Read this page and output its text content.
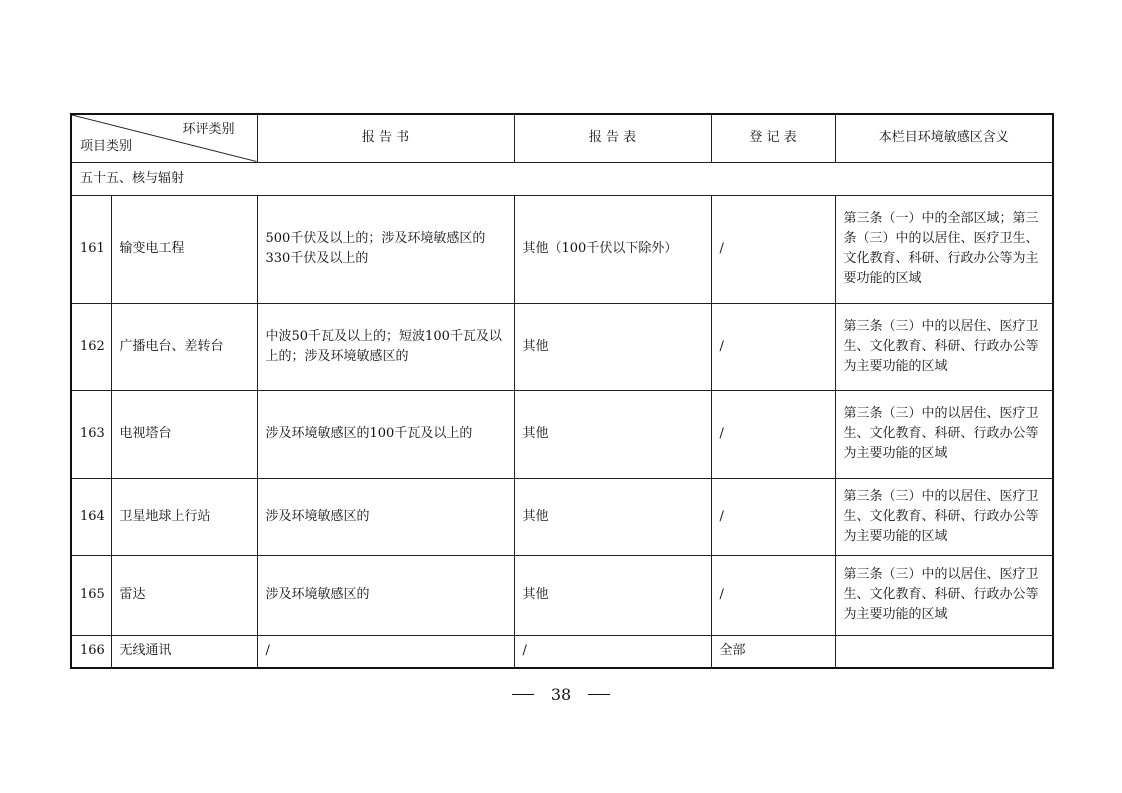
环评类别
项目类别		报 告 书	报 告 表	登 记 表	本栏目环境敏感区含义
五十五、核与辐射					
161	输变电工程	500千伏及以上的；涉及环境敏感区的330千伏及以上的	其他（100千伏以下除外）	/	第三条（一）中的全部区域；第三条（三）中的以居住、医疗卫生、文化教育、科研、行政办公等为主要功能的区域
162	广播电台、差转台	中波50千瓦及以上的；短波100千瓦及以上的；涉及环境敏感区的	其他	/	第三条（三）中的以居住、医疗卫生、文化教育、科研、行政办公等为主要功能的区域
163	电视塔台	涉及环境敏感区的100千瓦及以上的	其他	/	第三条（三）中的以居住、医疗卫生、文化教育、科研、行政办公等为主要功能的区域
164	卫星地球上行站	涉及环境敏感区的	其他	/	第三条（三）中的以居住、医疗卫生、文化教育、科研、行政办公等为主要功能的区域
165	雷达	涉及环境敏感区的	其他	/	第三条（三）中的以居住、医疗卫生、文化教育、科研、行政办公等为主要功能的区域
166	无线通讯	/	/	全部	
38
